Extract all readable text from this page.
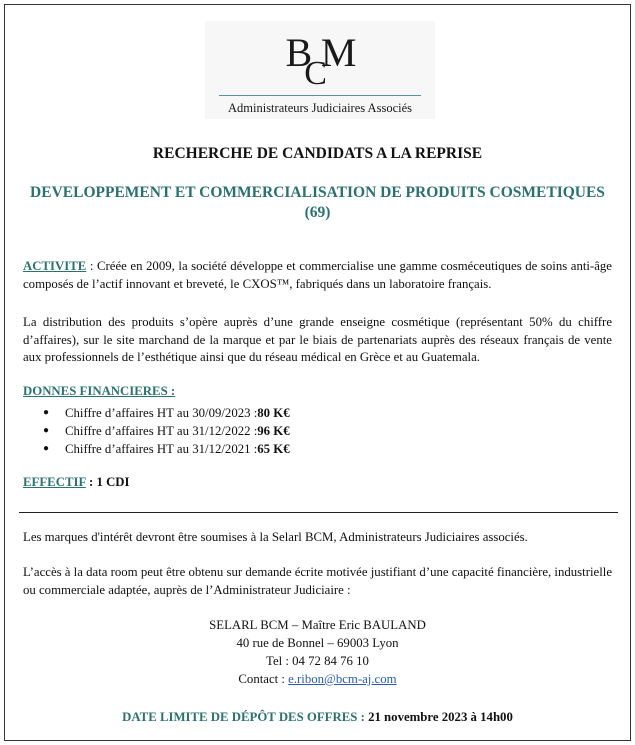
BCM
Administrateurs Judiciaires Associés
RECHERCHE DE CANDIDATS A LA REPRISE
DEVELOPPEMENT ET COMMERCIALISATION DE PRODUITS COSMETIQUES (69)
ACTIVITE : Créée en 2009, la société développe et commercialise une gamme cosméceutiques de soins anti-âge composés de l’actif innovant et breveté, le CXOS™, fabriqués dans un laboratoire français.
La distribution des produits s’opère auprès d’une grande enseigne cosmétique (représentant 50% du chiffre d’affaires), sur le site marchand de la marque et par le biais de partenariats auprès des réseaux français de vente aux professionnels de l’esthétique ainsi que du réseau médical en Grèce et au Guatemala.
DONNES FINANCIERES :
●	Chiffre d’affaires HT au 30/09/2023 : 80 K€
●	Chiffre d’affaires HT au 31/12/2022 : 96 K€
●	Chiffre d’affaires HT au 31/12/2021 : 65 K€
EFFECTIF : 1 CDI
Les marques d'intérêt devront être soumises à la Selarl BCM, Administrateurs Judiciaires associés.
L’accès à la data room peut être obtenu sur demande écrite motivée justifiant d’une capacité financière, industrielle ou commerciale adaptée, auprès de l’Administrateur Judiciaire :
SELARL BCM – Maître Eric BAULAND
40 rue de Bonnel – 69003 Lyon
Tel : 04 72 84 76 10
Contact : e.ribon@bcm-aj.com
DATE LIMITE DE DÉPÔT DES OFFRES : 21 novembre 2023 à 14h00
